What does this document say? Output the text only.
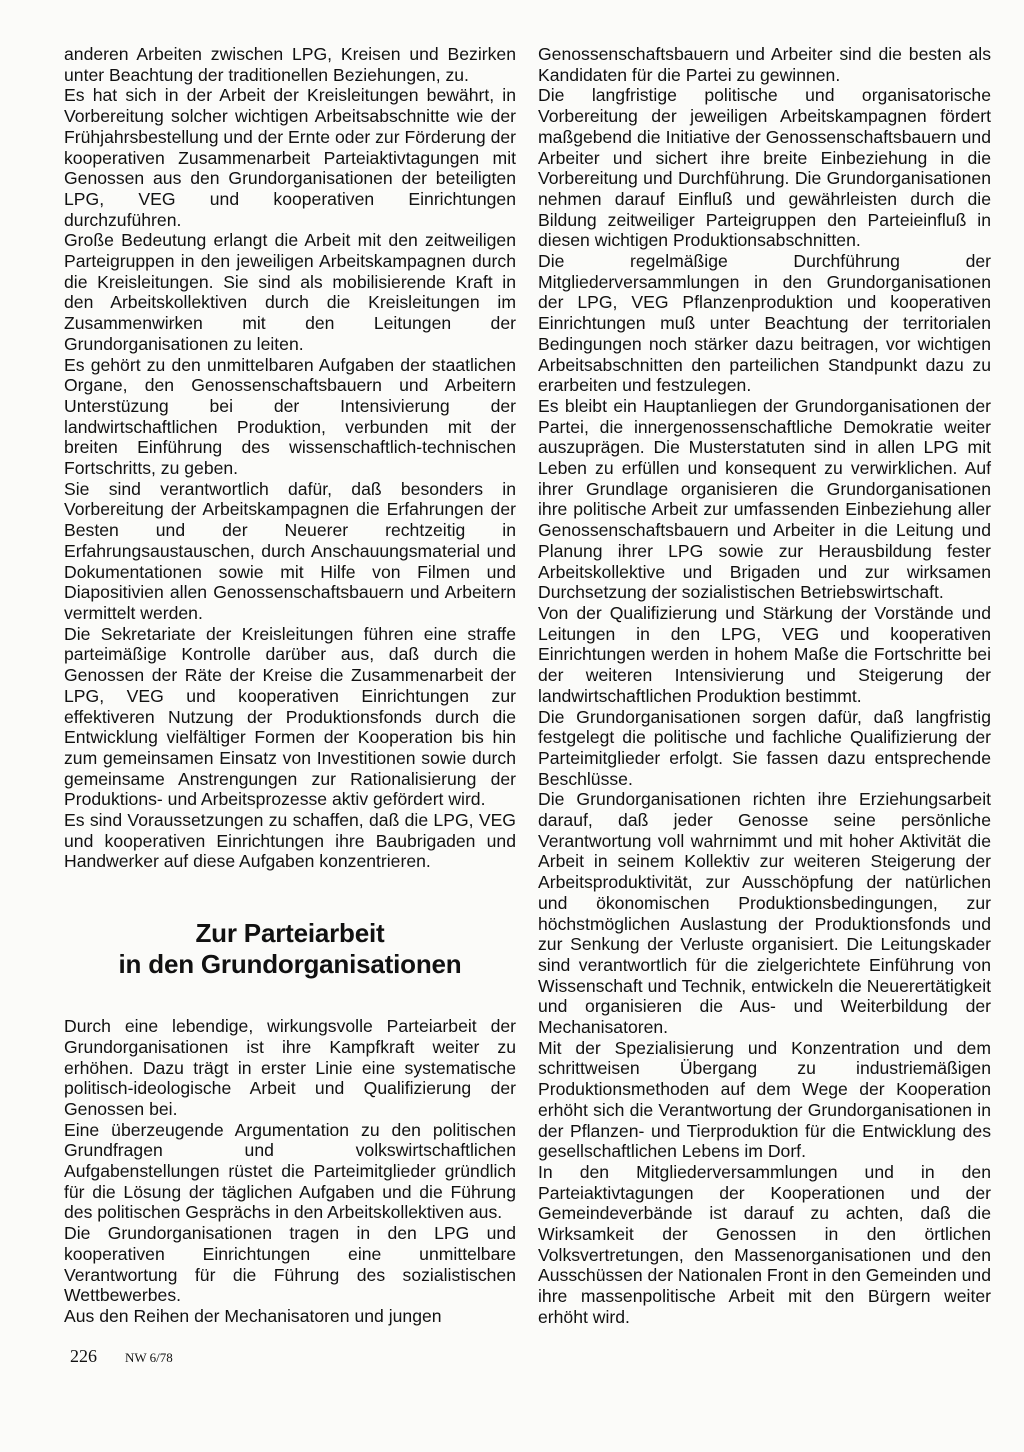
anderen Arbeiten zwischen LPG, Kreisen und Bezirken unter Beachtung der traditionellen Beziehungen, zu.

Es hat sich in der Arbeit der Kreisleitungen bewährt, in Vorbereitung solcher wichtigen Arbeitsabschnitte wie der Frühjahrsbestellung und der Ernte oder zur Förderung der kooperativen Zusammenarbeit Parteiaktivtagungen mit Genossen aus den Grundorganisationen der beteiligten LPG, VEG und kooperativen Einrichtungen durchzuführen.

Große Bedeutung erlangt die Arbeit mit den zeitweiligen Parteigruppen in den jeweiligen Arbeitskampagnen durch die Kreisleitungen. Sie sind als mobilisierende Kraft in den Arbeitskollektiven durch die Kreisleitungen im Zusammenwirken mit den Leitungen der Grundorganisationen zu leiten.

Es gehört zu den unmittelbaren Aufgaben der staatlichen Organe, den Genossenschaftsbauern und Arbeitern Unterstüzung bei der Intensivierung der landwirtschaftlichen Produktion, verbunden mit der breiten Einführung des wissenschaftlich-technischen Fortschritts, zu geben.

Sie sind verantwortlich dafür, daß besonders in Vorbereitung der Arbeitskampagnen die Erfahrungen der Besten und der Neuerer rechtzeitig in Erfahrungsaustauschen, durch Anschauungsmaterial und Dokumentationen sowie mit Hilfe von Filmen und Diapositivien allen Genossenschaftsbauern und Arbeitern vermittelt werden.

Die Sekretariate der Kreisleitungen führen eine straffe parteimäßige Kontrolle darüber aus, daß durch die Genossen der Räte der Kreise die Zusammenarbeit der LPG, VEG und kooperativen Einrichtungen zur effektiveren Nutzung der Produktionsfonds durch die Entwicklung vielfältiger Formen der Kooperation bis hin zum gemeinsamen Einsatz von Investitionen sowie durch gemeinsame Anstrengungen zur Rationalisierung der Produktions- und Arbeitsprozesse aktiv gefördert wird.

Es sind Voraussetzungen zu schaffen, daß die LPG, VEG und kooperativen Einrichtungen ihre Baubrigaden und Handwerker auf diese Aufgaben konzentrieren.

Zur Parteiarbeit
in den Grundorganisationen

Durch eine lebendige, wirkungsvolle Parteiarbeit der Grundorganisationen ist ihre Kampfkraft weiter zu erhöhen. Dazu trägt in erster Linie eine systematische politisch-ideologische Arbeit und Qualifizierung der Genossen bei.

Eine überzeugende Argumentation zu den politischen Grundfragen und volkswirtschaftlichen Aufgabenstellungen rüstet die Parteimitglieder gründlich für die Lösung der täglichen Aufgaben und die Führung des politischen Gesprächs in den Arbeitskollektiven aus.

Die Grundorganisationen tragen in den LPG und kooperativen Einrichtungen eine unmittelbare Verantwortung für die Führung des sozialistischen Wettbewerbes.

Aus den Reihen der Mechanisatoren und jungen

Genossenschaftsbauern und Arbeiter sind die besten als Kandidaten für die Partei zu gewinnen.

Die langfristige politische und organisatorische Vorbereitung der jeweiligen Arbeitskampagnen fördert maßgebend die Initiative der Genossenschaftsbauern und Arbeiter und sichert ihre breite Einbeziehung in die Vorbereitung und Durchführung. Die Grundorganisationen nehmen darauf Einfluß und gewährleisten durch die Bildung zeitweiliger Parteigruppen den Parteieinfluß in diesen wichtigen Produktionsabschnitten.

Die regelmäßige Durchführung der Mitgliederversammlungen in den Grundorganisationen der LPG, VEG Pflanzenproduktion und kooperativen Einrichtungen muß unter Beachtung der territorialen Bedingungen noch stärker dazu beitragen, vor wichtigen Arbeitsabschnitten den parteilichen Standpunkt dazu zu erarbeiten und festzulegen.

Es bleibt ein Hauptanliegen der Grundorganisationen der Partei, die innergenossenschaftliche Demokratie weiter auszuprägen. Die Musterstatuten sind in allen LPG mit Leben zu erfüllen und konsequent zu verwirklichen. Auf ihrer Grundlage organisieren die Grundorganisationen ihre politische Arbeit zur umfassenden Einbeziehung aller Genossenschaftsbauern und Arbeiter in die Leitung und Planung ihrer LPG sowie zur Herausbildung fester Arbeitskollektive und Brigaden und zur wirksamen Durchsetzung der sozialistischen Betriebswirtschaft.

Von der Qualifizierung und Stärkung der Vorstände und Leitungen in den LPG, VEG und kooperativen Einrichtungen werden in hohem Maße die Fortschritte bei der weiteren Intensivierung und Steigerung der landwirtschaftlichen Produktion bestimmt.

Die Grundorganisationen sorgen dafür, daß langfristig festgelegt die politische und fachliche Qualifizierung der Parteimitglieder erfolgt. Sie fassen dazu entsprechende Beschlüsse.

Die Grundorganisationen richten ihre Erziehungsarbeit darauf, daß jeder Genosse seine persönliche Verantwortung voll wahrnimmt und mit hoher Aktivität die Arbeit in seinem Kollektiv zur weiteren Steigerung der Arbeitsproduktivität, zur Ausschöpfung der natürlichen und ökonomischen Produktionsbedingungen, zur höchstmöglichen Auslastung der Produktionsfonds und zur Senkung der Verluste organisiert. Die Leitungskader sind verantwortlich für die zielgerichtete Einführung von Wissenschaft und Technik, entwickeln die Neuerertätigkeit und organisieren die Aus- und Weiterbildung der Mechanisatoren.

Mit der Spezialisierung und Konzentration und dem schrittweisen Übergang zu industriemäßigen Produktionsmethoden auf dem Wege der Kooperation erhöht sich die Verantwortung der Grundorganisationen in der Pflanzen- und Tierproduktion für die Entwicklung des gesellschaftlichen Lebens im Dorf.

In den Mitgliederversammlungen und in den Parteiaktivtagungen der Kooperationen und der Gemeindeverbände ist darauf zu achten, daß die Wirksamkeit der Genossen in den örtlichen Volksvertretungen, den Massenorganisationen und den Ausschüssen der Nationalen Front in den Gemeinden und ihre massenpolitische Arbeit mit den Bürgern weiter erhöht wird.

226 NW 6/78
